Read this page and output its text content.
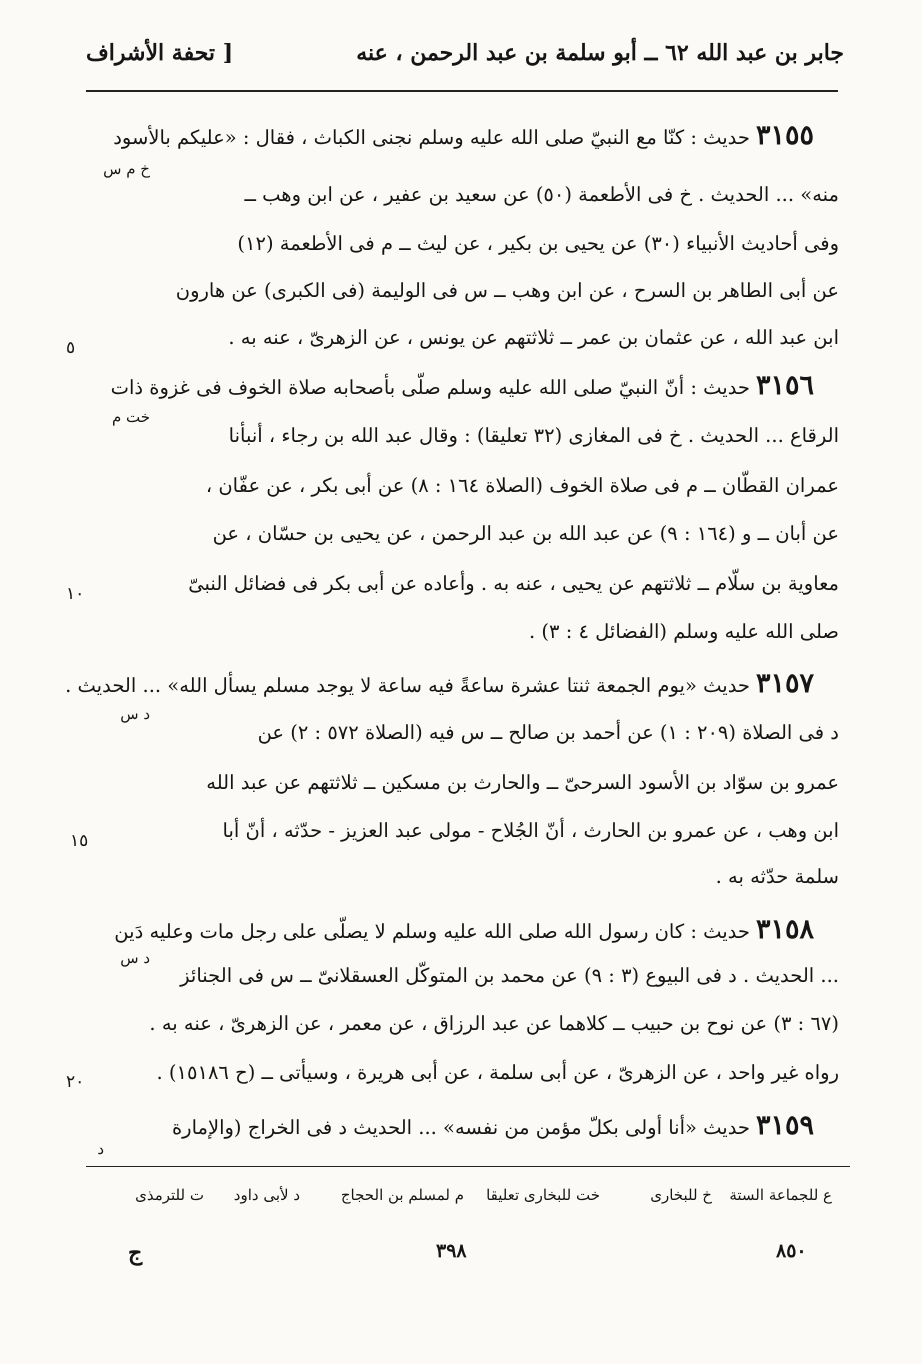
جابر بن عبد الله ٦٢ ــ أبو سلمة بن عبد الرحمن ، عنه
[ تحفة الأشراف
٣١٥٥حديث : كنّا مع النبيّ صلى الله عليه وسلم نجنى الكباث ، فقال : «عليكم بالأسود
خ م س
منه» ... الحديث . خ فى الأطعمة (٥٠) عن سعيد بن عفير ، عن ابن وهب ــ
وفى أحاديث الأنبياء (٣٠) عن يحيى بن بكير ، عن ليث ــ م فى الأطعمة (١٢)
عن أبى الطاهر بن السرح ، عن ابن وهب ــ س فى الوليمة (فى الكبرى) عن هارون
ابن عبد الله ، عن عثمان بن عمر ــ ثلاثتهم عن يونس ، عن الزهرىّ ، عنه به .
٥
٣١٥٦حديث : أنّ النبيّ صلى الله عليه وسلم صلّى بأصحابه صلاة الخوف فى غزوة ذات
خت م
الرقاع ... الحديث . خ فى المغازى (٣٢ تعليقا) : وقال عبد الله بن رجاء ، أنبأنا
عمران القطّان ــ م فى صلاة الخوف (الصلاة ١٦٤ : ٨) عن أبى بكر ، عن عفّان ،
عن أبان ــ و (١٦٤ : ٩) عن عبد الله بن عبد الرحمن ، عن يحيى بن حسّان ، عن
معاوية بن سلّام ــ ثلاثتهم عن يحيى ، عنه به . وأعاده عن أبى بكر فى فضائل النبىّ
١٠
صلى الله عليه وسلم (الفضائل ٤ : ٣) .
٣١٥٧حديث «يوم الجمعة ثنتا عشرة ساعةً فيه ساعة لا يوجد مسلم يسأل الله» ... الحديث .
د س
د فى الصلاة (٢٠٩ : ١) عن أحمد بن صالح ــ س فيه (الصلاة ٥٧٢ : ٢) عن
عمرو بن سوّاد بن الأسود السرحىّ ــ والحارث بن مسكين ــ ثلاثتهم عن عبد الله
ابن وهب ، عن عمرو بن الحارث ، أنّ الجُلاح - مولى عبد العزيز - حدّثه ، أنّ أبا
١٥
سلمة حدّثه به .
٣١٥٨حديث : كان رسول الله صلى الله عليه وسلم لا يصلّى على رجل مات وعليه دَين
د س
... الحديث . د فى البيوع (٣ : ٩) عن محمد بن المتوكّل العسقلانىّ ــ س فى الجنائز
(٦٧ : ٣) عن نوح بن حبيب ــ كلاهما عن عبد الرزاق ، عن معمر ، عن الزهرىّ ، عنه به .
رواه غير واحد ، عن الزهرىّ ، عن أبى سلمة ، عن أبى هريرة ، وسيأتى ــ (ح ١٥١٨٦) .
٢٠
٣١٥٩حديث «أنا أولى بكلّ مؤمن من نفسه» ... الحديث د فى الخراج (والإمارة
د
ع للجماعة الستة
خ للبخارى
خت للبخارى تعليقا
م لمسلم بن الحجاج
د لأبى داود
ت للترمذى
ج	٣٩٨	٨٥٠
